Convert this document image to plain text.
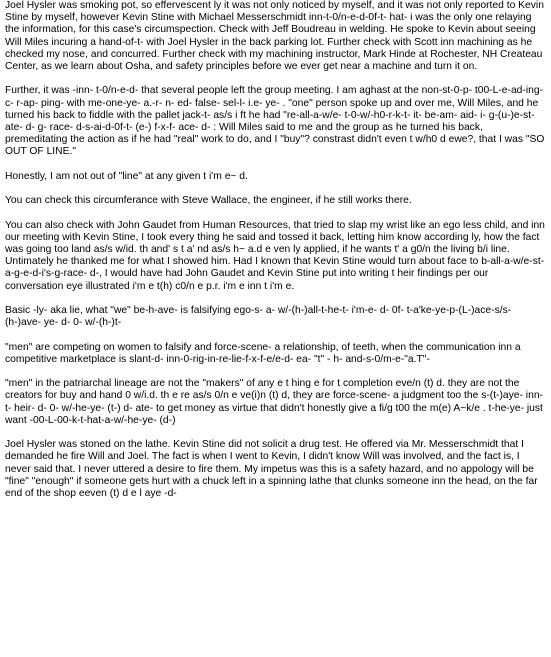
Joel Hysler was smoking pot, so effervescent ly it was not only noticed by myself, and it was not only reported to Kevin Stine by myself, however Kevin Stine with Michael Messerschmidt inn-t-0/n-e-d-0f-t- hat- i was the only one relaying the information, for this case's circumspection. Check with Jeff Boudreau in welding. He spoke to Kevin about seeing Will Miles incuring a hand-of-t- with Joel Hysler in the back parking lot. Further check with Scott inn machining as he checked my nose, and concurred. Further check with my machining instructor, Mark Hinde at Rochester, NH Createau Center, as we learn about Osha, and safety principles before we ever get near a machine and turn it on.

Further, it was -inn- t-0/n-e-d- that several people left the group meeting. I am aghast at the non-st-0-p- t00-L-e-ad-ing- c- r-ap- ping- with me-one-ye- a.-r- n- ed- false- sel-l- i.e- ye- . "one" person spoke up and over me, Will Miles, and he turned his back to fiddle with the pallet jack-t- as/s i ft he had "re-all-a-w/e- t-0-w/-h0-r-k-t- it- be-am- aid- i- g-(u-)e-st- ate- d- g- race- d-s-ai-d-0f-t- (e-) f-x-f- ace- d- : Will Miles said to me and the group as he turned his back, premeditating the action as if he had "real" work to do, and I "buy"? constrast didn't even t w/h0 d ewe?, that I was "SO OUT OF LINE."

Honestly, I am not out of "line" at any given t i'm e~ d.

You can check this circumferance with Steve Wallace, the engineer, if he still works there.

You can also check with John Gaudet from Human Resources, that tried to slap my wrist like an ego less child, and inn our meeting with Kevin Stine, I took every thing he said and tossed it back, letting him know according ly, how the fact was going too land as/s w/id. th and' s t a' nd as/s h~ a.d e ven ly applied, if he wants t' a g0/n the living b/i line. Untimately he thanked me for what I showed him. Had I known that Kevin Stine would turn about face to b-all-a-w/e-st-a-g-e-d-i's-g-race- d-, I would have had John Gaudet and Kevin Stine put into writing t heir findings per our conversation eye illustrated i'm e t(h) c0/n e p.r. i'm e inn t i'm e.

Basic -ly- aka lie, what "we" be-h-ave- is falsifying ego-s- a- w/-(h-)all-t-he-t- i'm-e- d- 0f- t-a'ke-ye-p-(L-)ace-s/s- (h-)ave- ye- d- 0- w/-(h-)t-

"men" are competing on women to falsify and force-scene- a relationship, of teeth, when the communication inn a competitive marketplace is slant-d- inn-0-rig-in-re-lie-f-x-f-e/e-d- ea- "t" - h- and-s-0/m-e-"a.T"-

"men" in the patriarchal lineage are not the "makers" of any e t hing e for t completion eve/n (t) d. they are not the creators for buy and hand 0 w/i.d. th e re as/s 0/n e ve(i)n (t) d, they are force-scene- a judgment too the s-(t-)aye- inn- t- heir- d- 0- w/-he-ye- (t-) d- ate- to get money as virtue that didn't honestly give a fi/g t00 the m(e) A~k/e . t-he-ye- just want -00-L-00-k-t-hat-a-w/-he-ye- (d-)

Joel Hysler was stoned on the lathe. Kevin Stine did not solicit a drug test. He offered via Mr. Messerschmidt that I demanded he fire Will and Joel. The fact is when I went to Kevin, I didn't know Will was involved, and the fact is, I never said that. I never uttered a desire to fire them. My impetus was this is a safety hazard, and no appology will be "fine" "enough" if someone gets hurt with a chuck left in a spinning lathe that clunks someone inn the head, on the far end of the shop eeven (t) d e l aye -d-
